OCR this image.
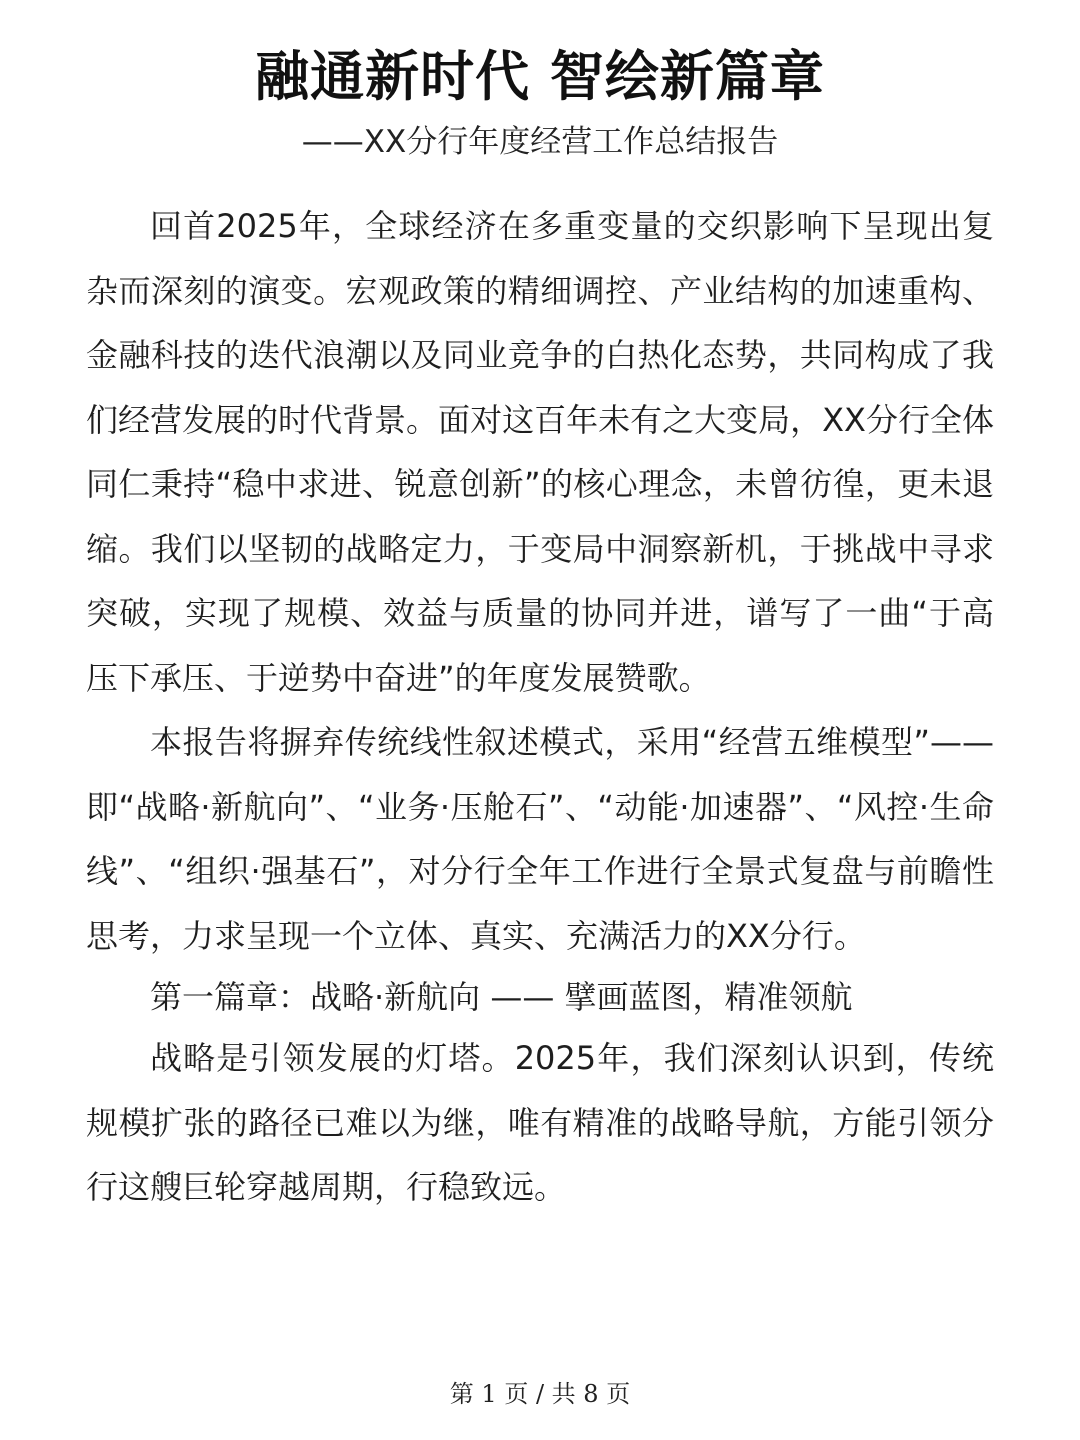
融通新时代 智绘新篇章
——XX分行年度经营工作总结报告

回首2025年，全球经济在多重变量的交织影响下呈现出复杂而深刻的演变。宏观政策的精细调控、产业结构的加速重构、金融科技的迭代浪潮以及同业竞争的白热化态势，共同构成了我们经营发展的时代背景。面对这百年未有之大变局，XX分行全体同仁秉持“稳中求进、锐意创新”的核心理念，未曾彷徨，更未退缩。我们以坚韧的战略定力，于变局中洞察新机，于挑战中寻求突破，实现了规模、效益与质量的协同并进，谱写了一曲“于高压下承压、于逆势中奋进”的年度发展赞歌。

本报告将摒弃传统线性叙述模式，采用“经营五维模型”——即“战略·新航向”、“业务·压舱石”、“动能·加速器”、“风控·生命线”、“组织·强基石”，对分行全年工作进行全景式复盘与前瞻性思考，力求呈现一个立体、真实、充满活力的XX分行。

第一篇章：战略·新航向 —— 擘画蓝图，精准领航

战略是引领发展的灯塔。2025年，我们深刻认识到，传统规模扩张的路径已难以为继，唯有精准的战略导航，方能引领分行这艘巨轮穿越周期，行稳致远。

第 1 页 / 共 8 页
